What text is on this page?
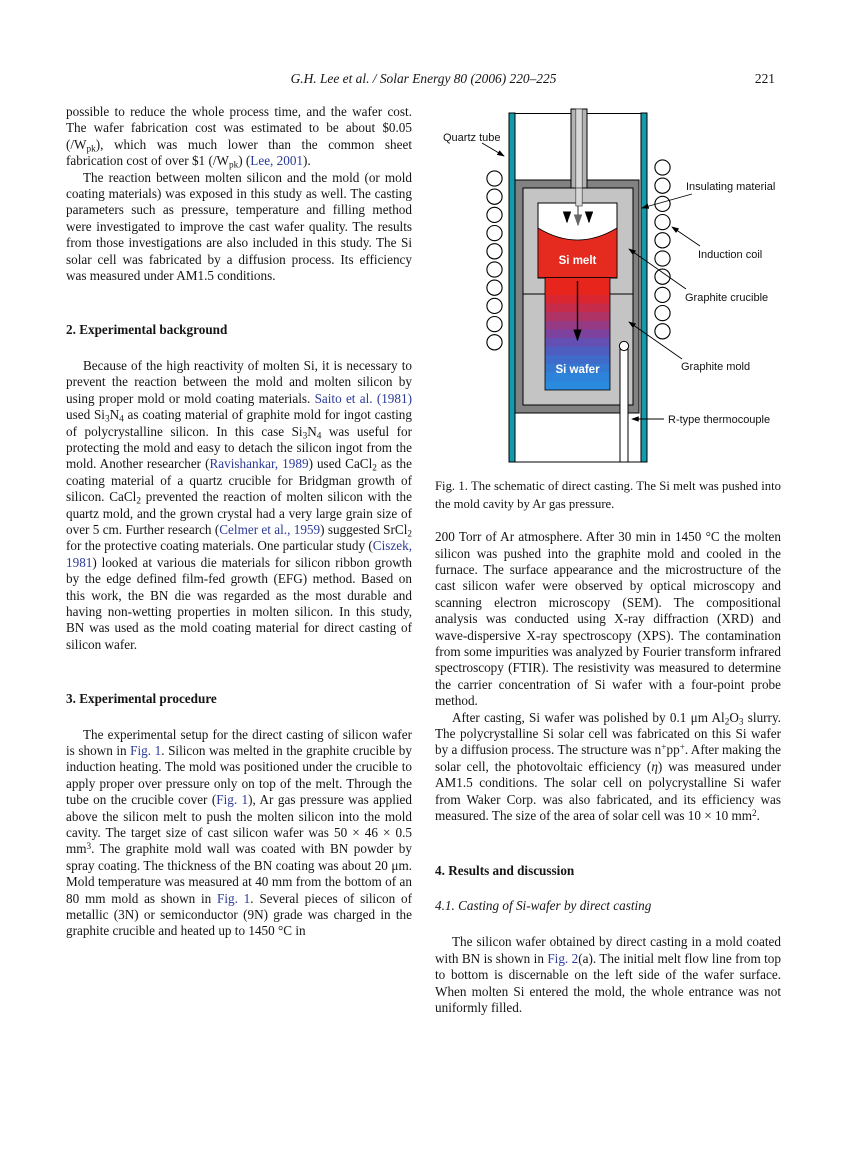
G.H. Lee et al. / Solar Energy 80 (2006) 220–225	221
possible to reduce the whole process time, and the wafer cost. The wafer fabrication cost was estimated to be about $0.05 (/Wpk), which was much lower than the common sheet fabrication cost of over $1 (/Wpk) (Lee, 2001).
The reaction between molten silicon and the mold (or mold coating materials) was exposed in this study as well. The casting parameters such as pressure, temperature and filling method were investigated to improve the cast wafer quality. The results from those investigations are also included in this study. The Si solar cell was fabricated by a diffusion process. Its efficiency was measured under AM1.5 conditions.
2. Experimental background
Because of the high reactivity of molten Si, it is necessary to prevent the reaction between the mold and molten silicon by using proper mold or mold coating materials. Saito et al. (1981) used Si3N4 as coating material of graphite mold for ingot casting of polycrystalline silicon. In this case Si3N4 was useful for protecting the mold and easy to detach the silicon ingot from the mold. Another researcher (Ravishankar, 1989) used CaCl2 as the coating material of a quartz crucible for Bridgman growth of silicon. CaCl2 prevented the reaction of molten silicon with the quartz mold, and the grown crystal had a very large grain size of over 5 cm. Further research (Celmer et al., 1959) suggested SrCl2 for the protective coating materials. One particular study (Ciszek, 1981) looked at various die materials for silicon ribbon growth by the edge defined film-fed growth (EFG) method. Based on this work, the BN die was regarded as the most durable and having non-wetting properties in molten silicon. In this study, BN was used as the mold coating material for direct casting of silicon wafer.
3. Experimental procedure
The experimental setup for the direct casting of silicon wafer is shown in Fig. 1. Silicon was melted in the graphite crucible by induction heating. The mold was positioned under the crucible to apply proper over pressure only on top of the melt. Through the tube on the crucible cover (Fig. 1), Ar gas pressure was applied above the silicon melt to push the molten silicon into the mold cavity. The target size of cast silicon wafer was 50 × 46 × 0.5 $mm^3$. The graphite mold wall was coated with BN powder by spray coating. The thickness of the BN coating was about 20 μm. Mold temperature was measured at 40 mm from the bottom of an 80 mm mold as shown in Fig. 1. Several pieces of silicon of metallic (3N) or semiconductor (9N) grade was charged in the graphite crucible and heated up to 1450 °C in
Quartz tube
Insulating material
Induction coil
Graphite crucible
Graphite mold
R-type thermocouple
Si melt
Si wafer
Fig. 1. The schematic of direct casting. The Si melt was pushed into the mold cavity by Ar gas pressure.
200 Torr of Ar atmosphere. After 30 min in 1450 °C the molten silicon was pushed into the graphite mold and cooled in the furnace. The surface appearance and the microstructure of the cast silicon wafer were observed by optical microscopy and scanning electron microscopy (SEM). The compositional analysis was conducted using X-ray diffraction (XRD) and wave-dispersive X-ray spectroscopy (XPS). The contamination from some impurities was analyzed by Fourier transform infrared spectroscopy (FTIR). The resistivity was measured to determine the carrier concentration of Si wafer with a four-point probe method.
After casting, Si wafer was polished by 0.1 μm Al2O3 slurry. The polycrystalline Si solar cell was fabricated on this Si wafer by a diffusion process. The structure was n+pp+. After making the solar cell, the photovoltaic efficiency (η) was measured under AM1.5 conditions. The solar cell on polycrystalline Si wafer from Waker Corp. was also fabricated, and its efficiency was measured. The size of the area of solar cell was 10 × 10 $mm^2$.
4. Results and discussion
4.1. Casting of Si-wafer by direct casting
The silicon wafer obtained by direct casting in a mold coated with BN is shown in Fig. 2(a). The initial melt flow line from top to bottom is discernable on the left side of the wafer surface. When molten Si entered the mold, the whole entrance was not uniformly filled.
